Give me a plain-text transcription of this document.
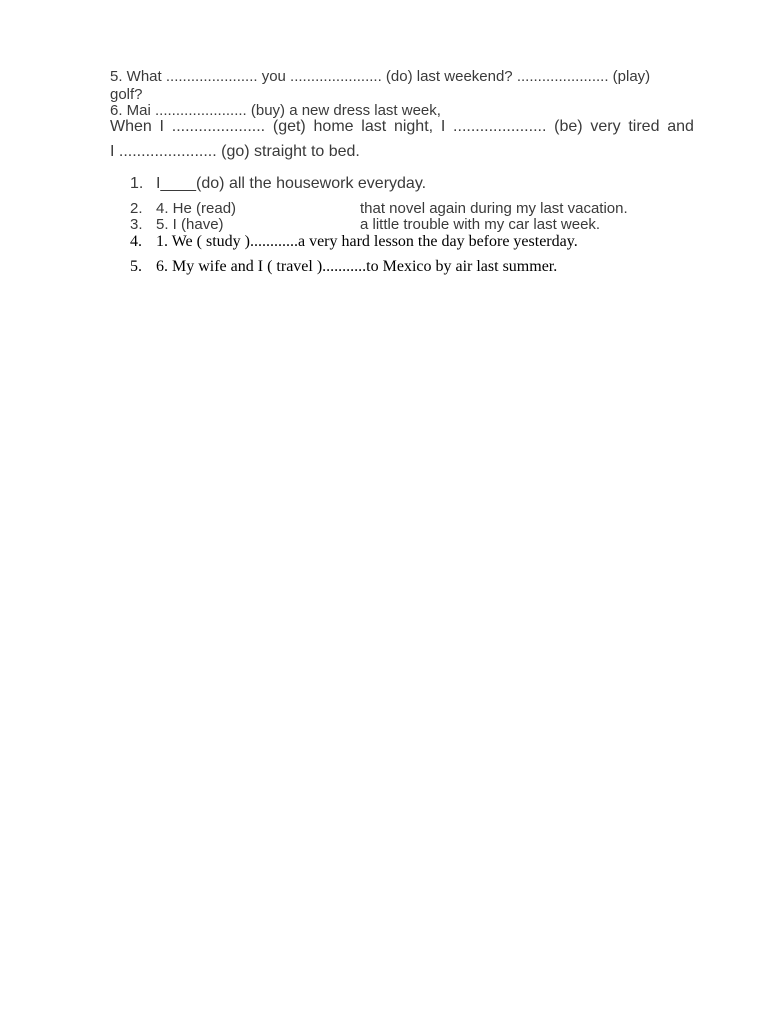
5. What ...................... you ...................... (do) last weekend? ...................... (play)
golf?
6. Mai ...................... (buy) a new dress last week,
When I ..................... (get) home last night, I ..................... (be) very tired and
I ...................... (go) straight to bed.
1. I____(do) all the housework everyday.
2. 4. He (read)	that novel again during my last vacation.
3. 5. I (have)	a little trouble with my car last week.
4. 1. We ( study )............a very hard lesson the day before yesterday.
5. 6. My wife and I ( travel )...........to Mexico by air last summer.
